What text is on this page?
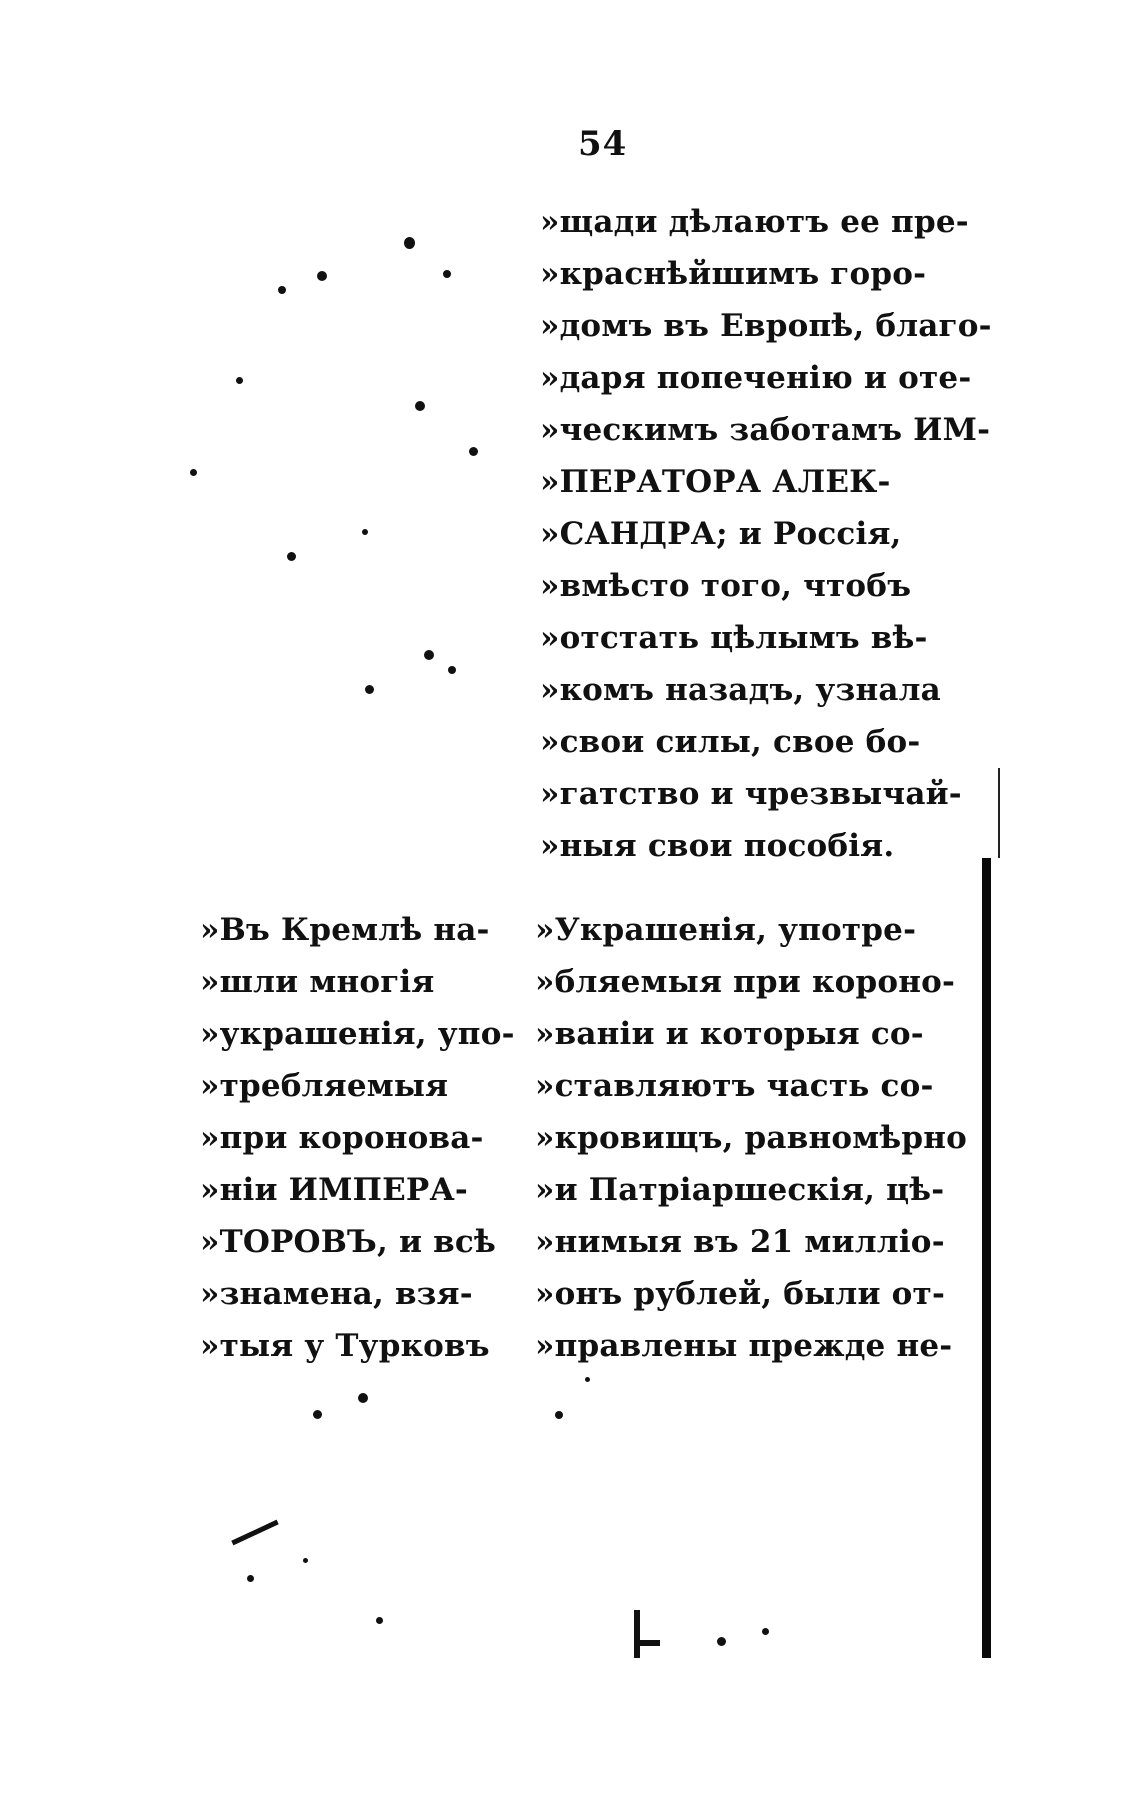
54
»щади дѣлаютъ ее пре-
»краснѣйшимъ горо-
»домъ въ Европѣ, благо-
»даря попеченію и оте-
»ческимъ заботамъ ИМ-
»ПЕРАТОРА АЛЕК-
»САНДРА; и Россія,
»вмѣсто того, чтобъ
»отстать цѣлымъ вѣ-
»комъ назадъ, узнала
»свои силы, свое бо-
»гатство и чрезвычай-
»ныя свои пособія.
»Въ Кремлѣ на-
»шли многія
»украшенія, упо-
»требляемыя
»при коронова-
»ніи ИМПЕРА-
»ТОРОВЪ, и всѣ
»знамена, взя-
»тыя у Турковъ
»Украшенія, употре-
»бляемыя при короно-
»ваніи и которыя со-
»ставляютъ часть со-
»кровищъ, равномѣрно
»и Патріаршескія, цѣ-
»нимыя въ 21 милліо-
»онъ рублей, были от-
»правлены прежде не-
